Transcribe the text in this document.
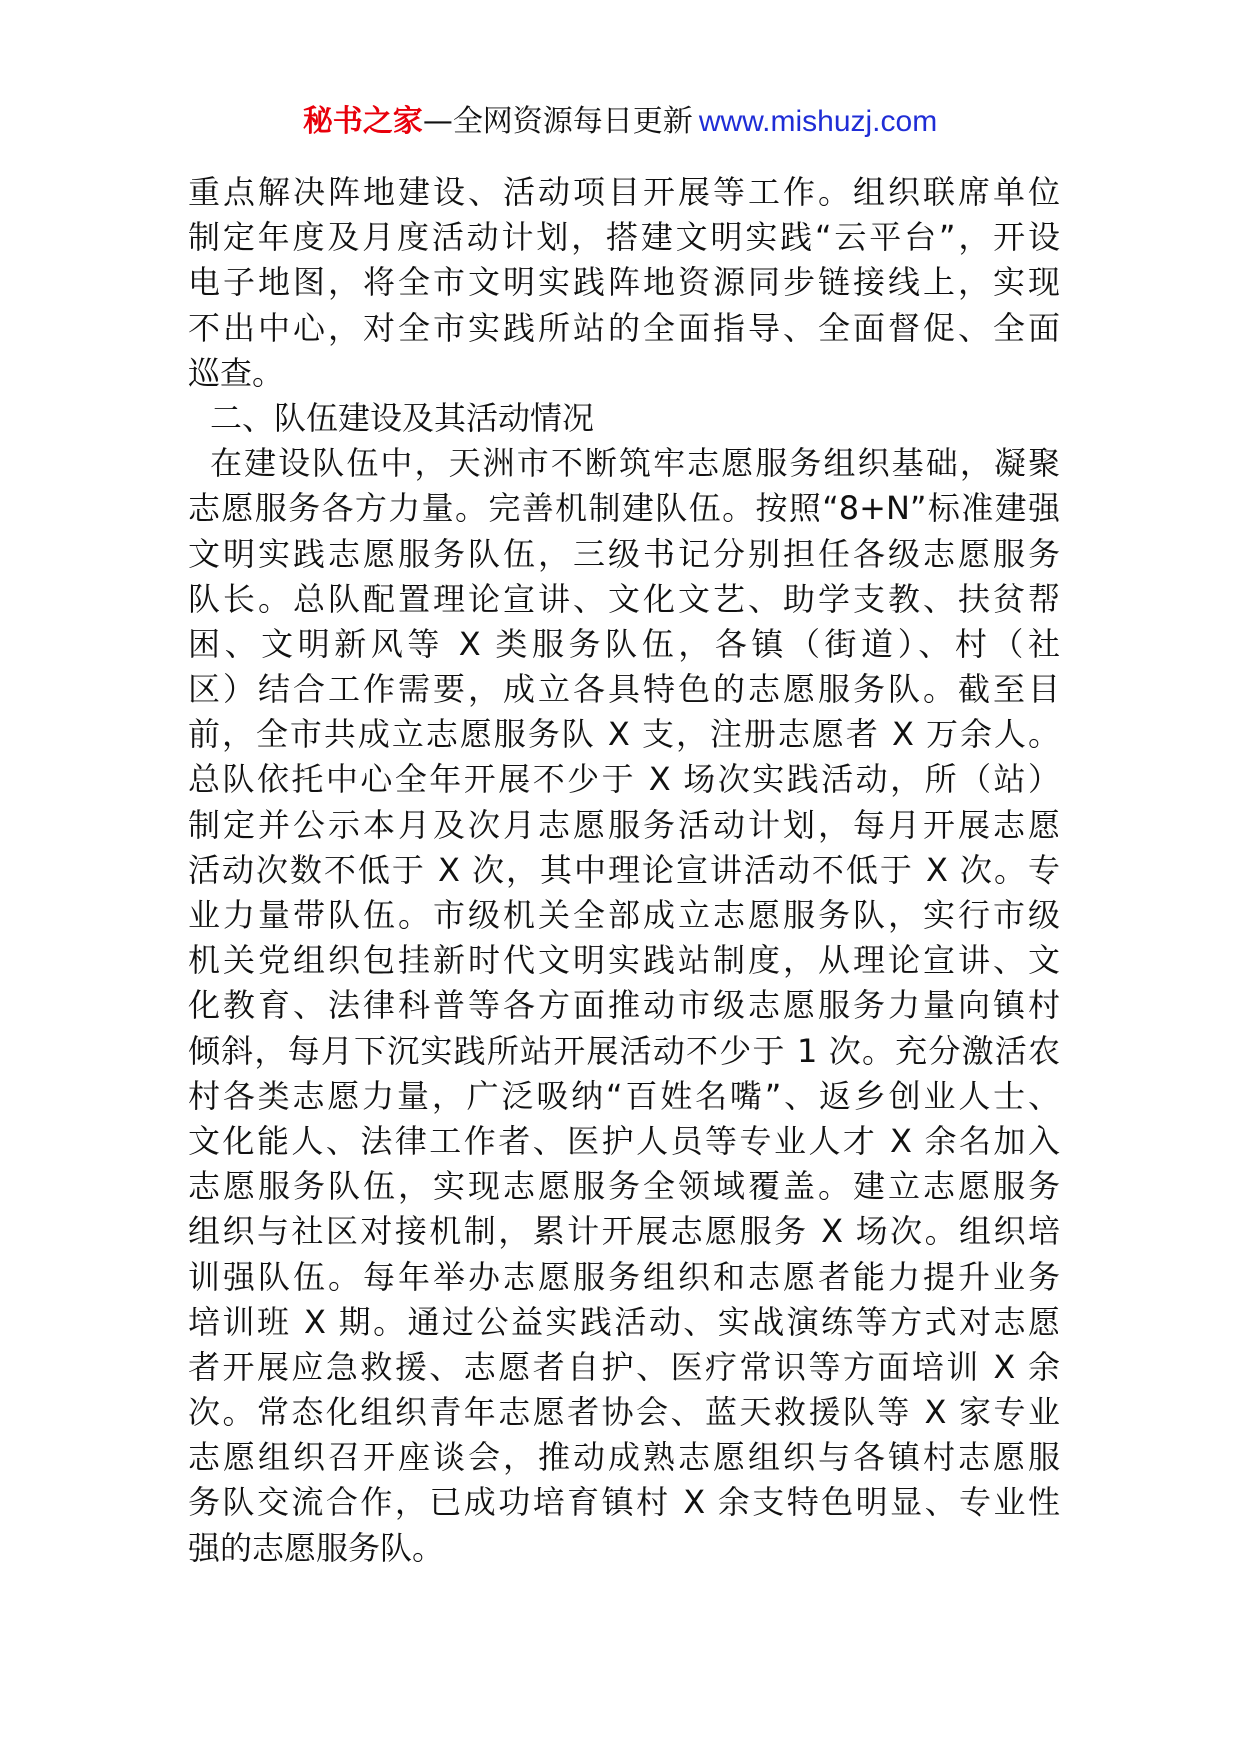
秘书之家—全网资源每日更新 www.mishuzj.com
重点解决阵地建设、活动项目开展等工作。组织联席单位
制定年度及月度活动计划，搭建文明实践“云平台”，开设
电子地图，将全市文明实践阵地资源同步链接线上，实现
不出中心，对全市实践所站的全面指导、全面督促、全面
巡查。
二、队伍建设及其活动情况
在建设队伍中，天洲市不断筑牢志愿服务组织基础，凝聚
志愿服务各方力量。完善机制建队伍。按照“8+N”标准建强
文明实践志愿服务队伍，三级书记分别担任各级志愿服务
队长。总队配置理论宣讲、文化文艺、助学支教、扶贫帮
困、文明新风等 X 类服务队伍，各镇（街道）、村（社
区）结合工作需要，成立各具特色的志愿服务队。截至目
前，全市共成立志愿服务队 X 支，注册志愿者 X 万余人。
总队依托中心全年开展不少于 X 场次实践活动，所（站）
制定并公示本月及次月志愿服务活动计划，每月开展志愿
活动次数不低于 X 次，其中理论宣讲活动不低于 X 次。专
业力量带队伍。市级机关全部成立志愿服务队，实行市级
机关党组织包挂新时代文明实践站制度，从理论宣讲、文
化教育、法律科普等各方面推动市级志愿服务力量向镇村
倾斜，每月下沉实践所站开展活动不少于 1 次。充分激活农
村各类志愿力量，广泛吸纳“百姓名嘴”、返乡创业人士、
文化能人、法律工作者、医护人员等专业人才 X 余名加入
志愿服务队伍，实现志愿服务全领域覆盖。建立志愿服务
组织与社区对接机制，累计开展志愿服务 X 场次。组织培
训强队伍。每年举办志愿服务组织和志愿者能力提升业务
培训班 X 期。通过公益实践活动、实战演练等方式对志愿
者开展应急救援、志愿者自护、医疗常识等方面培训 X 余
次。常态化组织青年志愿者协会、蓝天救援队等 X 家专业
志愿组织召开座谈会，推动成熟志愿组织与各镇村志愿服
务队交流合作，已成功培育镇村 X 余支特色明显、专业性
强的志愿服务队。
